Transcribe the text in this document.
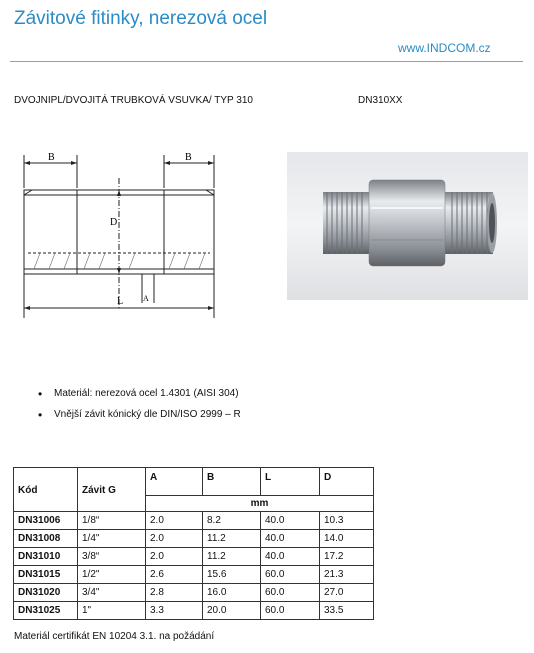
Závitové fitinky, nerezová ocel
www.INDCOM.cz
DVOJNIPL/DVOJITÁ TRUBKOVÁ VSUVKA/ TYP 310	DN310XX
B	B
D
L A
• Materiál: nerezová ocel 1.4301 (AISI 304)
• Vnější závit kónický dle DIN/ISO 2999 – R
Kód	Závit G	A	B	L	D
		mm			
DN31006	1/8“	2.0	8.2	40.0	10.3
DN31008	1/4"	2.0	11.2	40.0	14.0
DN31010	3/8“	2.0	11.2	40.0	17.2
DN31015	1/2"	2.6	15.6	60.0	21.3
DN31020	3/4"	2.8	16.0	60.0	27.0
DN31025	1"	3.3	20.0	60.0	33.5
Materiál certifikát EN 10204 3.1. na požádání
